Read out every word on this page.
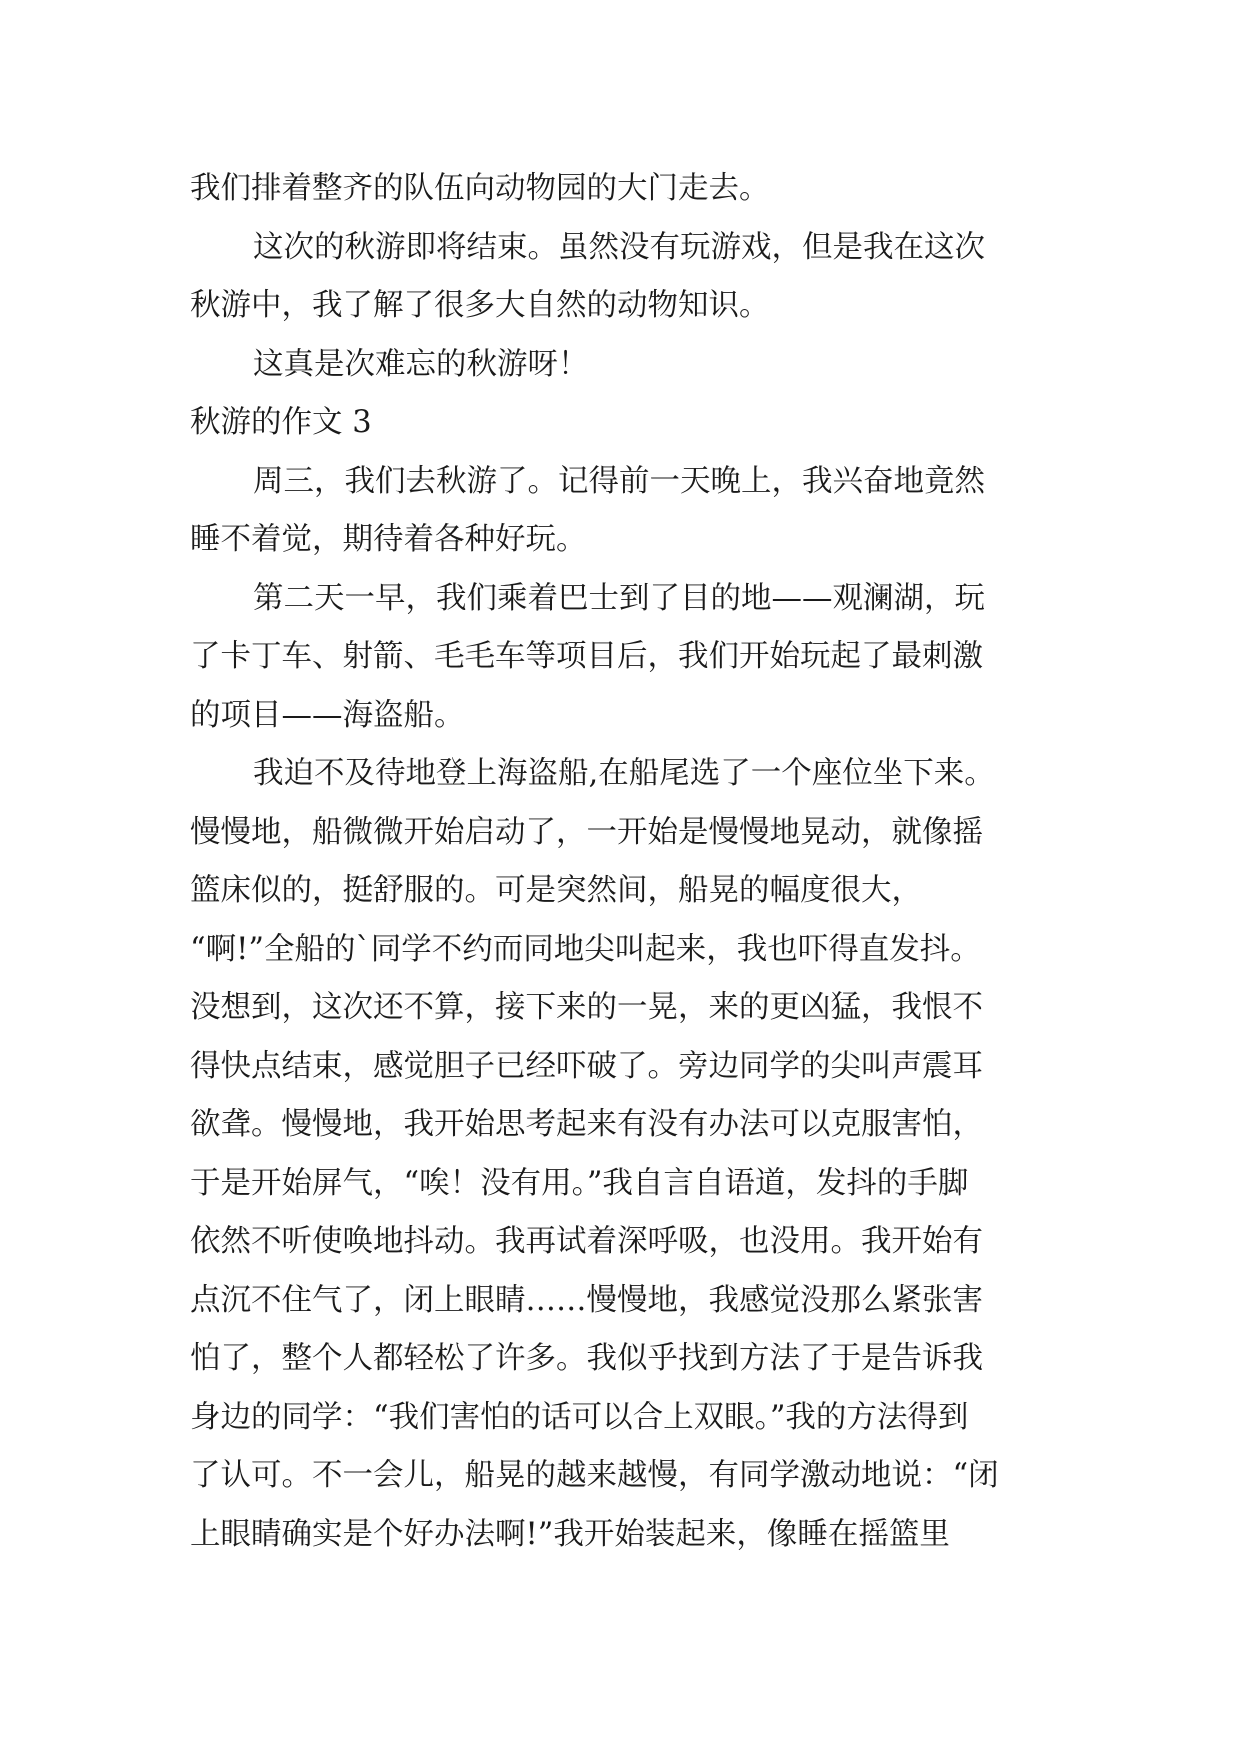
我们排着整齐的队伍向动物园的大门走去。
这次的秋游即将结束。虽然没有玩游戏，但是我在这次
秋游中，我了解了很多大自然的动物知识。
这真是次难忘的秋游呀！
秋游的作文 3
周三，我们去秋游了。记得前一天晚上，我兴奋地竟然
睡不着觉，期待着各种好玩。
第二天一早，我们乘着巴士到了目的地——观澜湖，玩
了卡丁车、射箭、毛毛车等项目后，我们开始玩起了最刺激
的项目——海盗船。
我迫不及待地登上海盗船,在船尾选了一个座位坐下来。
慢慢地，船微微开始启动了，一开始是慢慢地晃动，就像摇
篮床似的，挺舒服的。可是突然间，船晃的幅度很大，
“啊!”全船的`同学不约而同地尖叫起来，我也吓得直发抖。
没想到，这次还不算，接下来的一晃，来的更凶猛，我恨不
得快点结束，感觉胆子已经吓破了。旁边同学的尖叫声震耳
欲聋。慢慢地，我开始思考起来有没有办法可以克服害怕，
于是开始屏气，“唉！没有用。”我自言自语道，发抖的手脚
依然不听使唤地抖动。我再试着深呼吸，也没用。我开始有
点沉不住气了，闭上眼睛……慢慢地，我感觉没那么紧张害
怕了，整个人都轻松了许多。我似乎找到方法了于是告诉我
身边的同学：“我们害怕的话可以合上双眼。”我的方法得到
了认可。不一会儿，船晃的越来越慢，有同学激动地说：“闭
上眼睛确实是个好办法啊!”我开始装起来，像睡在摇篮里
